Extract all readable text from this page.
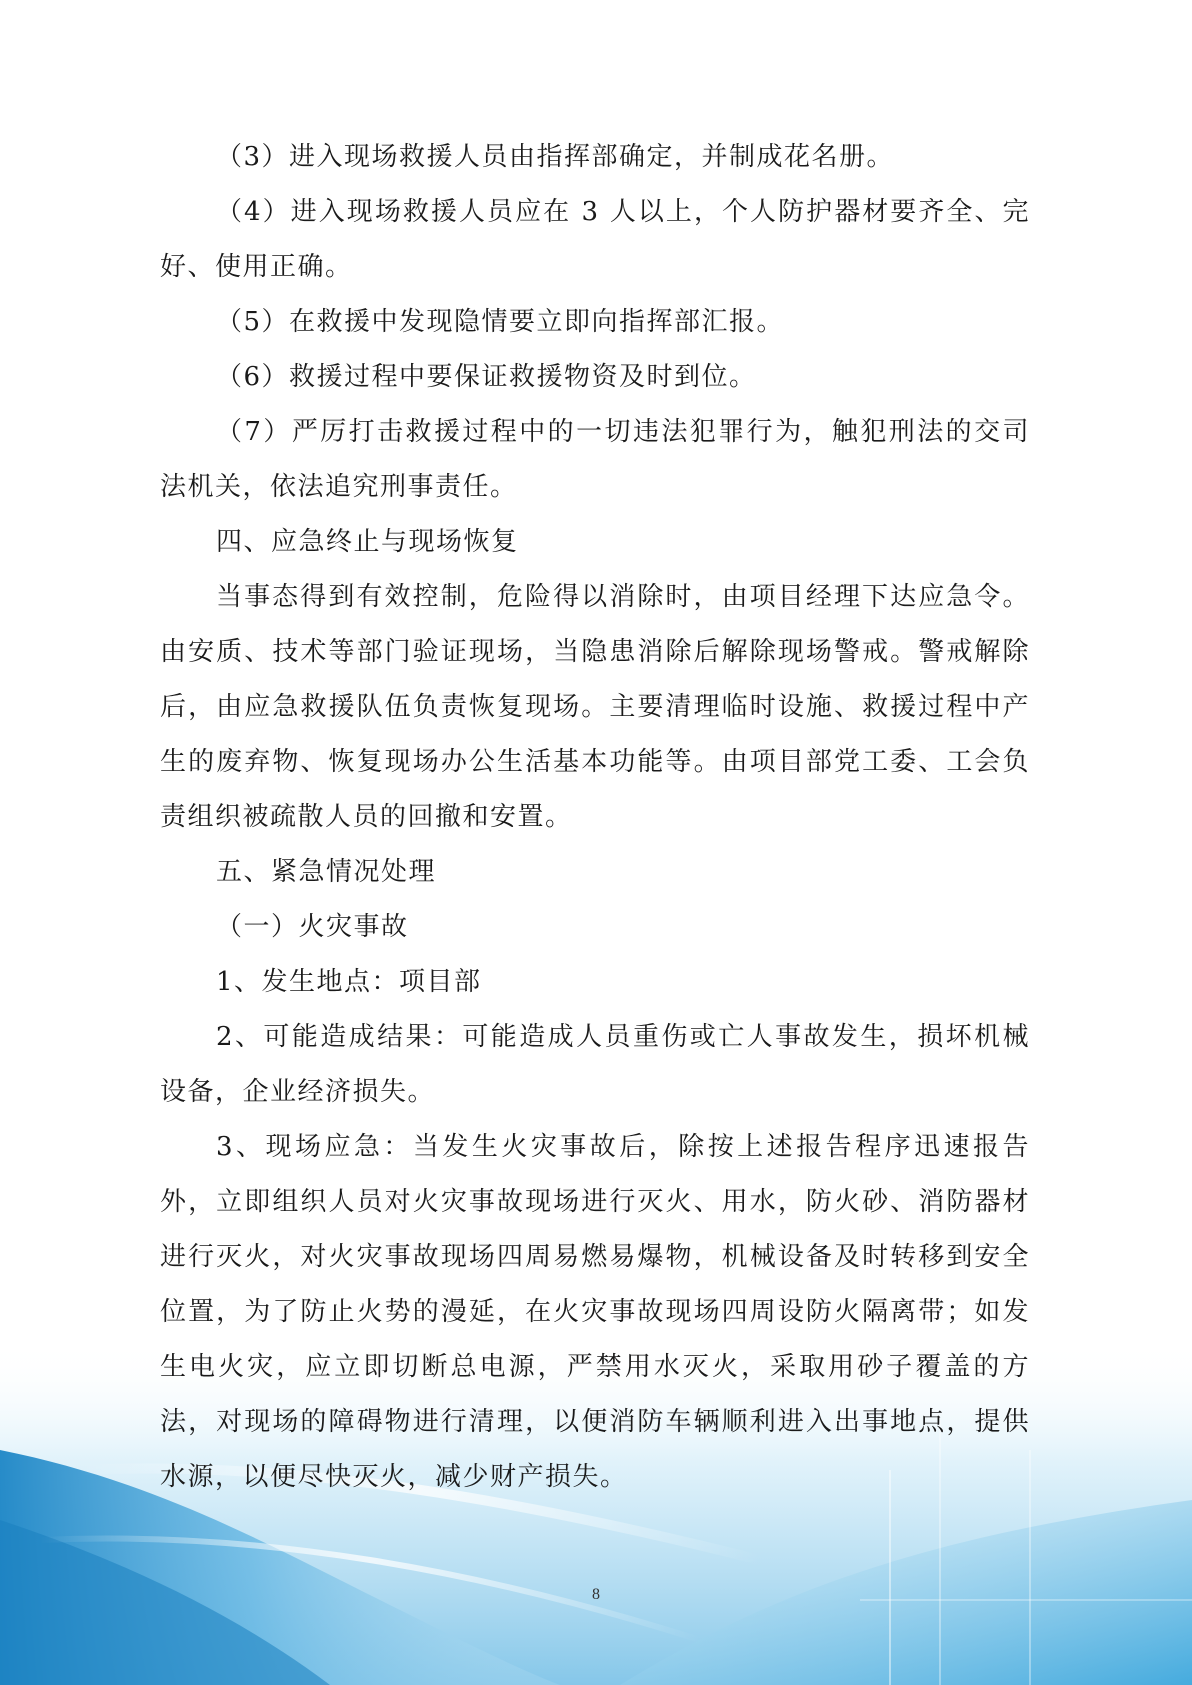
（3）进入现场救援人员由指挥部确定，并制成花名册。

（4）进入现场救援人员应在 3 人以上，个人防护器材要齐全、完好、使用正确。

（5）在救援中发现隐情要立即向指挥部汇报。

（6）救援过程中要保证救援物资及时到位。

（7）严厉打击救援过程中的一切违法犯罪行为，触犯刑法的交司法机关，依法追究刑事责任。

四、应急终止与现场恢复

当事态得到有效控制，危险得以消除时，由项目经理下达应急令。由安质、技术等部门验证现场，当隐患消除后解除现场警戒。警戒解除后，由应急救援队伍负责恢复现场。主要清理临时设施、救援过程中产生的废弃物、恢复现场办公生活基本功能等。由项目部党工委、工会负责组织被疏散人员的回撤和安置。

五、紧急情况处理

（一）火灾事故

1、发生地点：项目部

2、可能造成结果：可能造成人员重伤或亡人事故发生，损坏机械设备，企业经济损失。

3、现场应急：当发生火灾事故后，除按上述报告程序迅速报告外，立即组织人员对火灾事故现场进行灭火、用水，防火砂、消防器材进行灭火，对火灾事故现场四周易燃易爆物，机械设备及时转移到安全位置，为了防止火势的漫延，在火灾事故现场四周设防火隔离带；如发生电火灾，应立即切断总电源，严禁用水灭火，采取用砂子覆盖的方法，对现场的障碍物进行清理，以便消防车辆顺利进入出事地点，提供水源，以便尽快灭火，减少财产损失。

8
